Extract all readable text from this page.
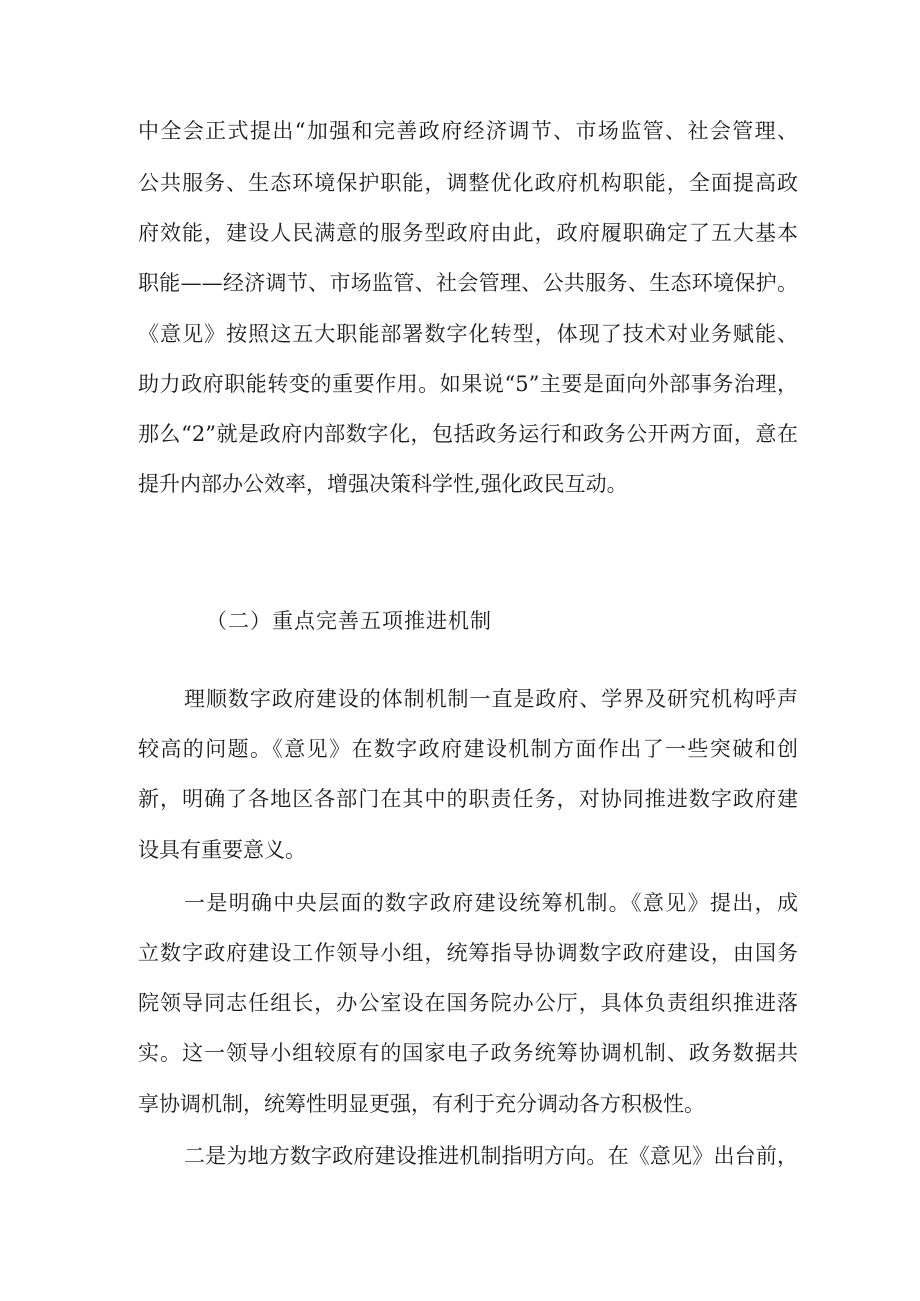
中全会正式提出“加强和完善政府经济调节、市场监管、社会管理、
公共服务、生态环境保护职能，调整优化政府机构职能，全面提高政
府效能，建设人民满意的服务型政府由此，政府履职确定了五大基本
职能——经济调节、市场监管、社会管理、公共服务、生态环境保护。
《意见》按照这五大职能部署数字化转型，体现了技术对业务赋能、
助力政府职能转变的重要作用。如果说“5”主要是面向外部事务治理，
那么“2”就是政府内部数字化，包括政务运行和政务公开两方面，意在
提升内部办公效率，增强决策科学性,强化政民互动。
（二）重点完善五项推进机制
理顺数字政府建设的体制机制一直是政府、学界及研究机构呼声
较高的问题。《意见》在数字政府建设机制方面作出了一些突破和创
新，明确了各地区各部门在其中的职责任务，对协同推进数字政府建
设具有重要意义。
一是明确中央层面的数字政府建设统筹机制。《意见》提出，成
立数字政府建设工作领导小组，统筹指导协调数字政府建设，由国务
院领导同志任组长，办公室设在国务院办公厅，具体负责组织推进落
实。这一领导小组较原有的国家电子政务统筹协调机制、政务数据共
享协调机制，统筹性明显更强，有利于充分调动各方积极性。
二是为地方数字政府建设推进机制指明方向。在《意见》出台前，
